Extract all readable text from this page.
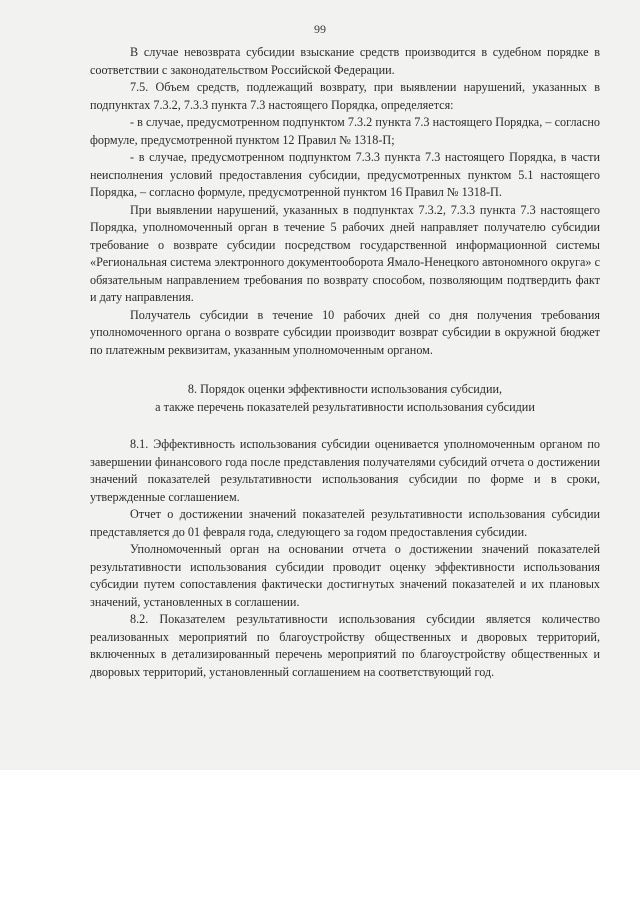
99

В случае невозврата субсидии взыскание средств производится в судебном порядке в соответствии с законодательством Российской Федерации.

7.5. Объем средств, подлежащий возврату, при выявлении нарушений, указанных в подпунктах 7.3.2, 7.3.3 пункта 7.3 настоящего Порядка, определяется:

- в случае, предусмотренном подпунктом 7.3.2 пункта 7.3 настоящего Порядка, – согласно формуле, предусмотренной пунктом 12 Правил № 1318-П;

- в случае, предусмотренном подпунктом 7.3.3 пункта 7.3 настоящего Порядка, в части неисполнения условий предоставления субсидии, предусмотренных пунктом 5.1 настоящего Порядка, – согласно формуле, предусмотренной пунктом 16 Правил № 1318-П.

При выявлении нарушений, указанных в подпунктах 7.3.2, 7.3.3 пункта 7.3 настоящего Порядка, уполномоченный орган в течение 5 рабочих дней направляет получателю субсидии требование о возврате субсидии посредством государственной информационной системы «Региональная система электронного документооборота Ямало-Ненецкого автономного округа» с обязательным направлением требования по возврату способом, позволяющим подтвердить факт и дату направления.

Получатель субсидии в течение 10 рабочих дней со дня получения требования уполномоченного органа о возврате субсидии производит возврат субсидии в окружной бюджет по платежным реквизитам, указанным уполномоченным органом.

8. Порядок оценки эффективности использования субсидии,
а также перечень показателей результативности использования субсидии

8.1. Эффективность использования субсидии оценивается уполномоченным органом по завершении финансового года после представления получателями субсидий отчета о достижении значений показателей результативности использования субсидии по форме и в сроки, утвержденные соглашением.

Отчет о достижении значений показателей результативности использования субсидии представляется до 01 февраля года, следующего за годом предоставления субсидии.

Уполномоченный орган на основании отчета о достижении значений показателей результативности использования субсидии проводит оценку эффективности использования субсидии путем сопоставления фактически достигнутых значений показателей и их плановых значений, установленных в соглашении.

8.2. Показателем результативности использования субсидии является количество реализованных мероприятий по благоустройству общественных и дворовых территорий, включенных в детализированный перечень мероприятий по благоустройству общественных и дворовых территорий, установленный соглашением на соответствующий год.
